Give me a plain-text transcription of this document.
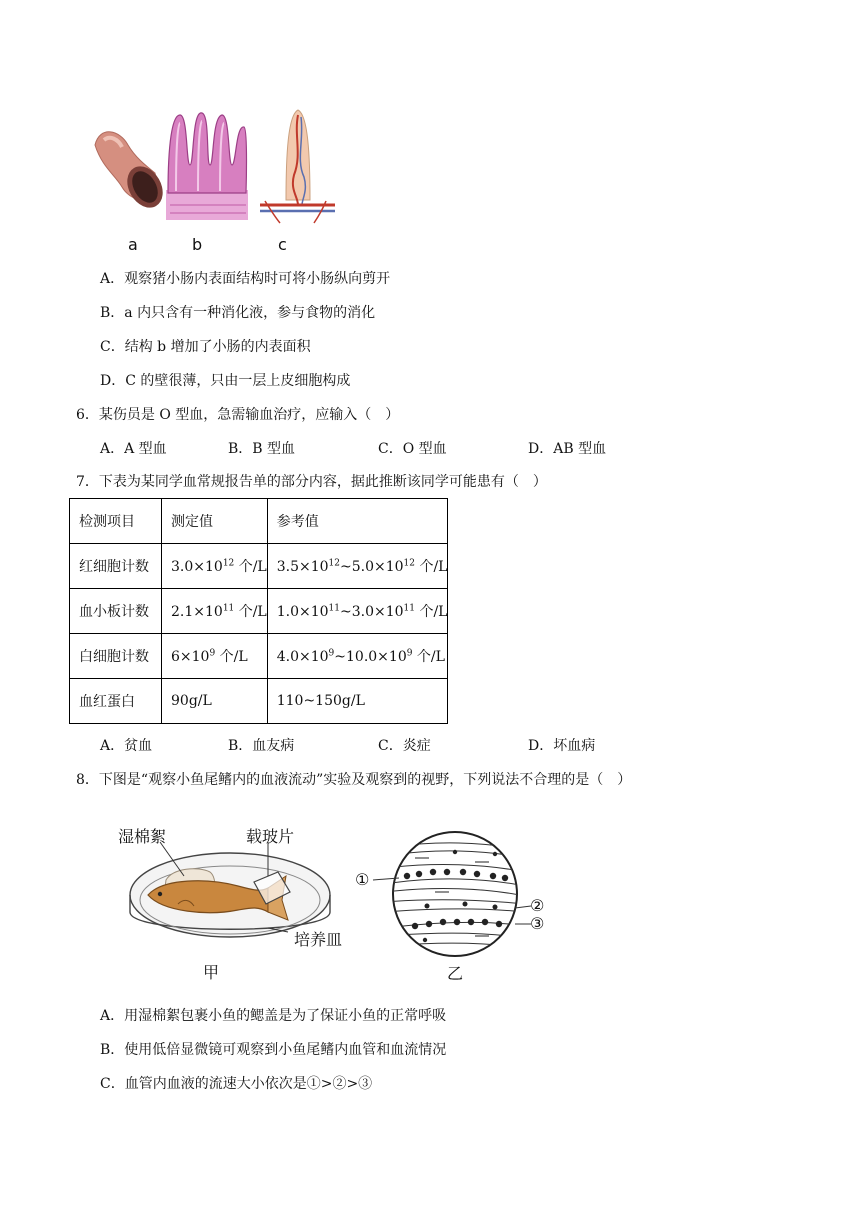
a	b	c
A．观察猪小肠内表面结构时可将小肠纵向剪开
B．a 内只含有一种消化液，参与食物的消化
C．结构 b 增加了小肠的内表面积
D．C 的壁很薄，只由一层上皮细胞构成
6．某伤员是 O 型血，急需输血治疗，应输入（　）
A．A 型血	B．B 型血	C．O 型血	D．AB 型血
7．下表为某同学血常规报告单的部分内容，据此推断该同学可能患有（　）
检测项目	测定值	参考值
红细胞计数	$3.0\times 10^{12}$ 个/L	$3.5\times 10^{12}\sim 5.0\times 10^{12}$ 个/L
血小板计数	$2.1\times 10^{11}$ 个/L	$1.0\times 10^{11}\sim 3.0\times 10^{11}$ 个/L
白细胞计数	$6\times 10^9$ 个/L	$4.0\times 10^9\sim 10.0\times 10^9$ 个/L
血红蛋白	90g/L	110~150g/L
A．贫血	B．血友病	C．炎症	D．坏血病
8．下图是“观察小鱼尾鳍内的血液流动”实验及观察到的视野，下列说法不合理的是（　）
湿棉絮	载玻片
培养皿
甲
①
②
③
乙
A．用湿棉絮包裹小鱼的鳃盖是为了保证小鱼的正常呼吸
B．使用低倍显微镜可观察到小鱼尾鳍内血管和血流情况
C．血管内血液的流速大小依次是①>②>③
